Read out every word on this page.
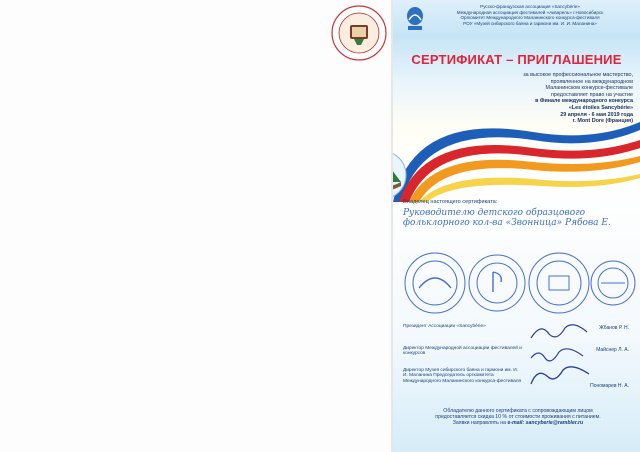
Русско-французская ассоциация «Sancybérie»
Международная ассоциация фестивалей «Акварель» г.Новосибирск
Оргкомитет Международного Маланинского конкурса-фестиваля
РОУ «Музей сибирского баяна и гармони им. И. И. Маланина»
СЕРТИФИКАТ – ПРИГЛАШЕНИЕ
за высокое профессиональное мастерство,
проявленное на международном
Маланинском конкурсе-фестивале
предоставляет право на участие
в Финале международного конкурса
«Les étoiles Sancybérie»
29 апреля - 6 мая 2019 года
г. Mont Dore (Франция)
Владелец настоящего сертификата:
Руководителю детского образцового
фольклорного кол-ва «Звонница» Рябова Е.
Президент Ассоциации «Sancybérie»	Жбанов Р. Н.
Директор Международной ассоциации фестивалей и конкурсов
Майснер Л. А.
Директор Музея сибирского баяна и гармони им. И. И. Маланина Председатель оргкомитета Международного Маланинского конкурса-фестиваля
Пономарев Н. А.
Обладателю данного сертификата с сопровождающим лицом
предоставляется скидка 10 % от стоимости проживания с питанием.
Заявки направлять на e-mail: sancyberie@rambler.ru
